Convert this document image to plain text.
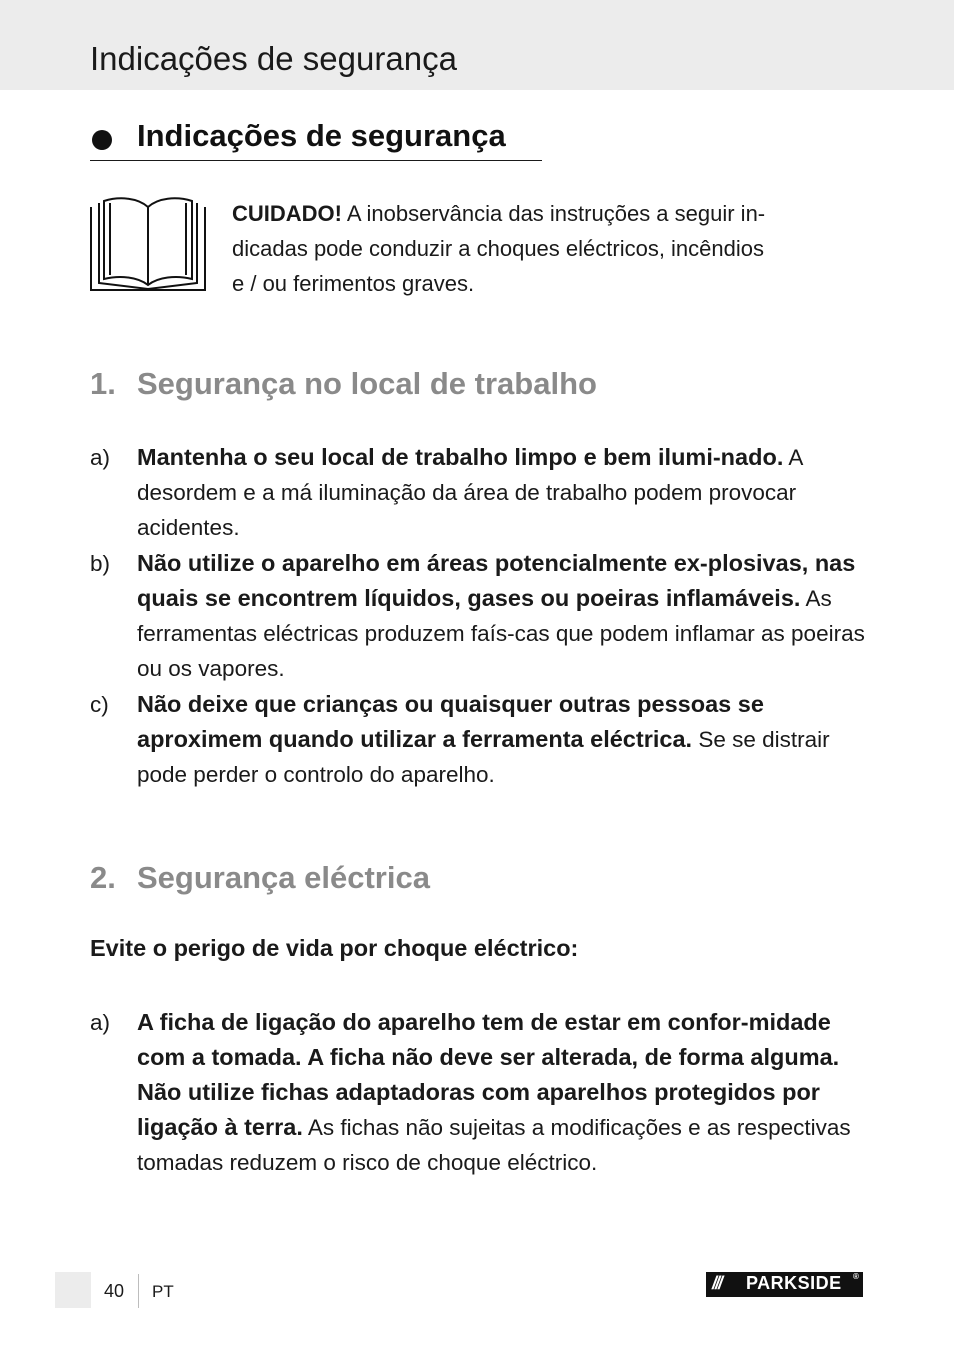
Indicações de segurança
Indicações de segurança
CUIDADO! A inobservância das instruções a seguir in-
dicadas pode conduzir a choques eléctricos, incêndios
e / ou ferimentos graves.
1. Segurança no local de trabalho
a) Mantenha o seu local de trabalho limpo e bem ilumi-nado. A desordem e a má iluminação da área de trabalho podem provocar acidentes.
b) Não utilize o aparelho em áreas potencialmente ex-plosivas, nas quais se encontrem líquidos, gases ou poeiras inflamáveis. As ferramentas eléctricas produzem faís-cas que podem inflamar as poeiras ou os vapores.
c) Não deixe que crianças ou quaisquer outras pessoas se aproximem quando utilizar a ferramenta eléctrica. Se se distrair pode perder o controlo do aparelho.
2. Segurança eléctrica
Evite o perigo de vida por choque eléctrico:
a) A ficha de ligação do aparelho tem de estar em confor-midade com a tomada. A ficha não deve ser alterada, de forma alguma. Não utilize fichas adaptadoras com aparelhos protegidos por ligação à terra. As fichas não sujeitas a modificações e as respectivas tomadas reduzem o risco de choque eléctrico.
40 PT	/// PARKSIDE ®
